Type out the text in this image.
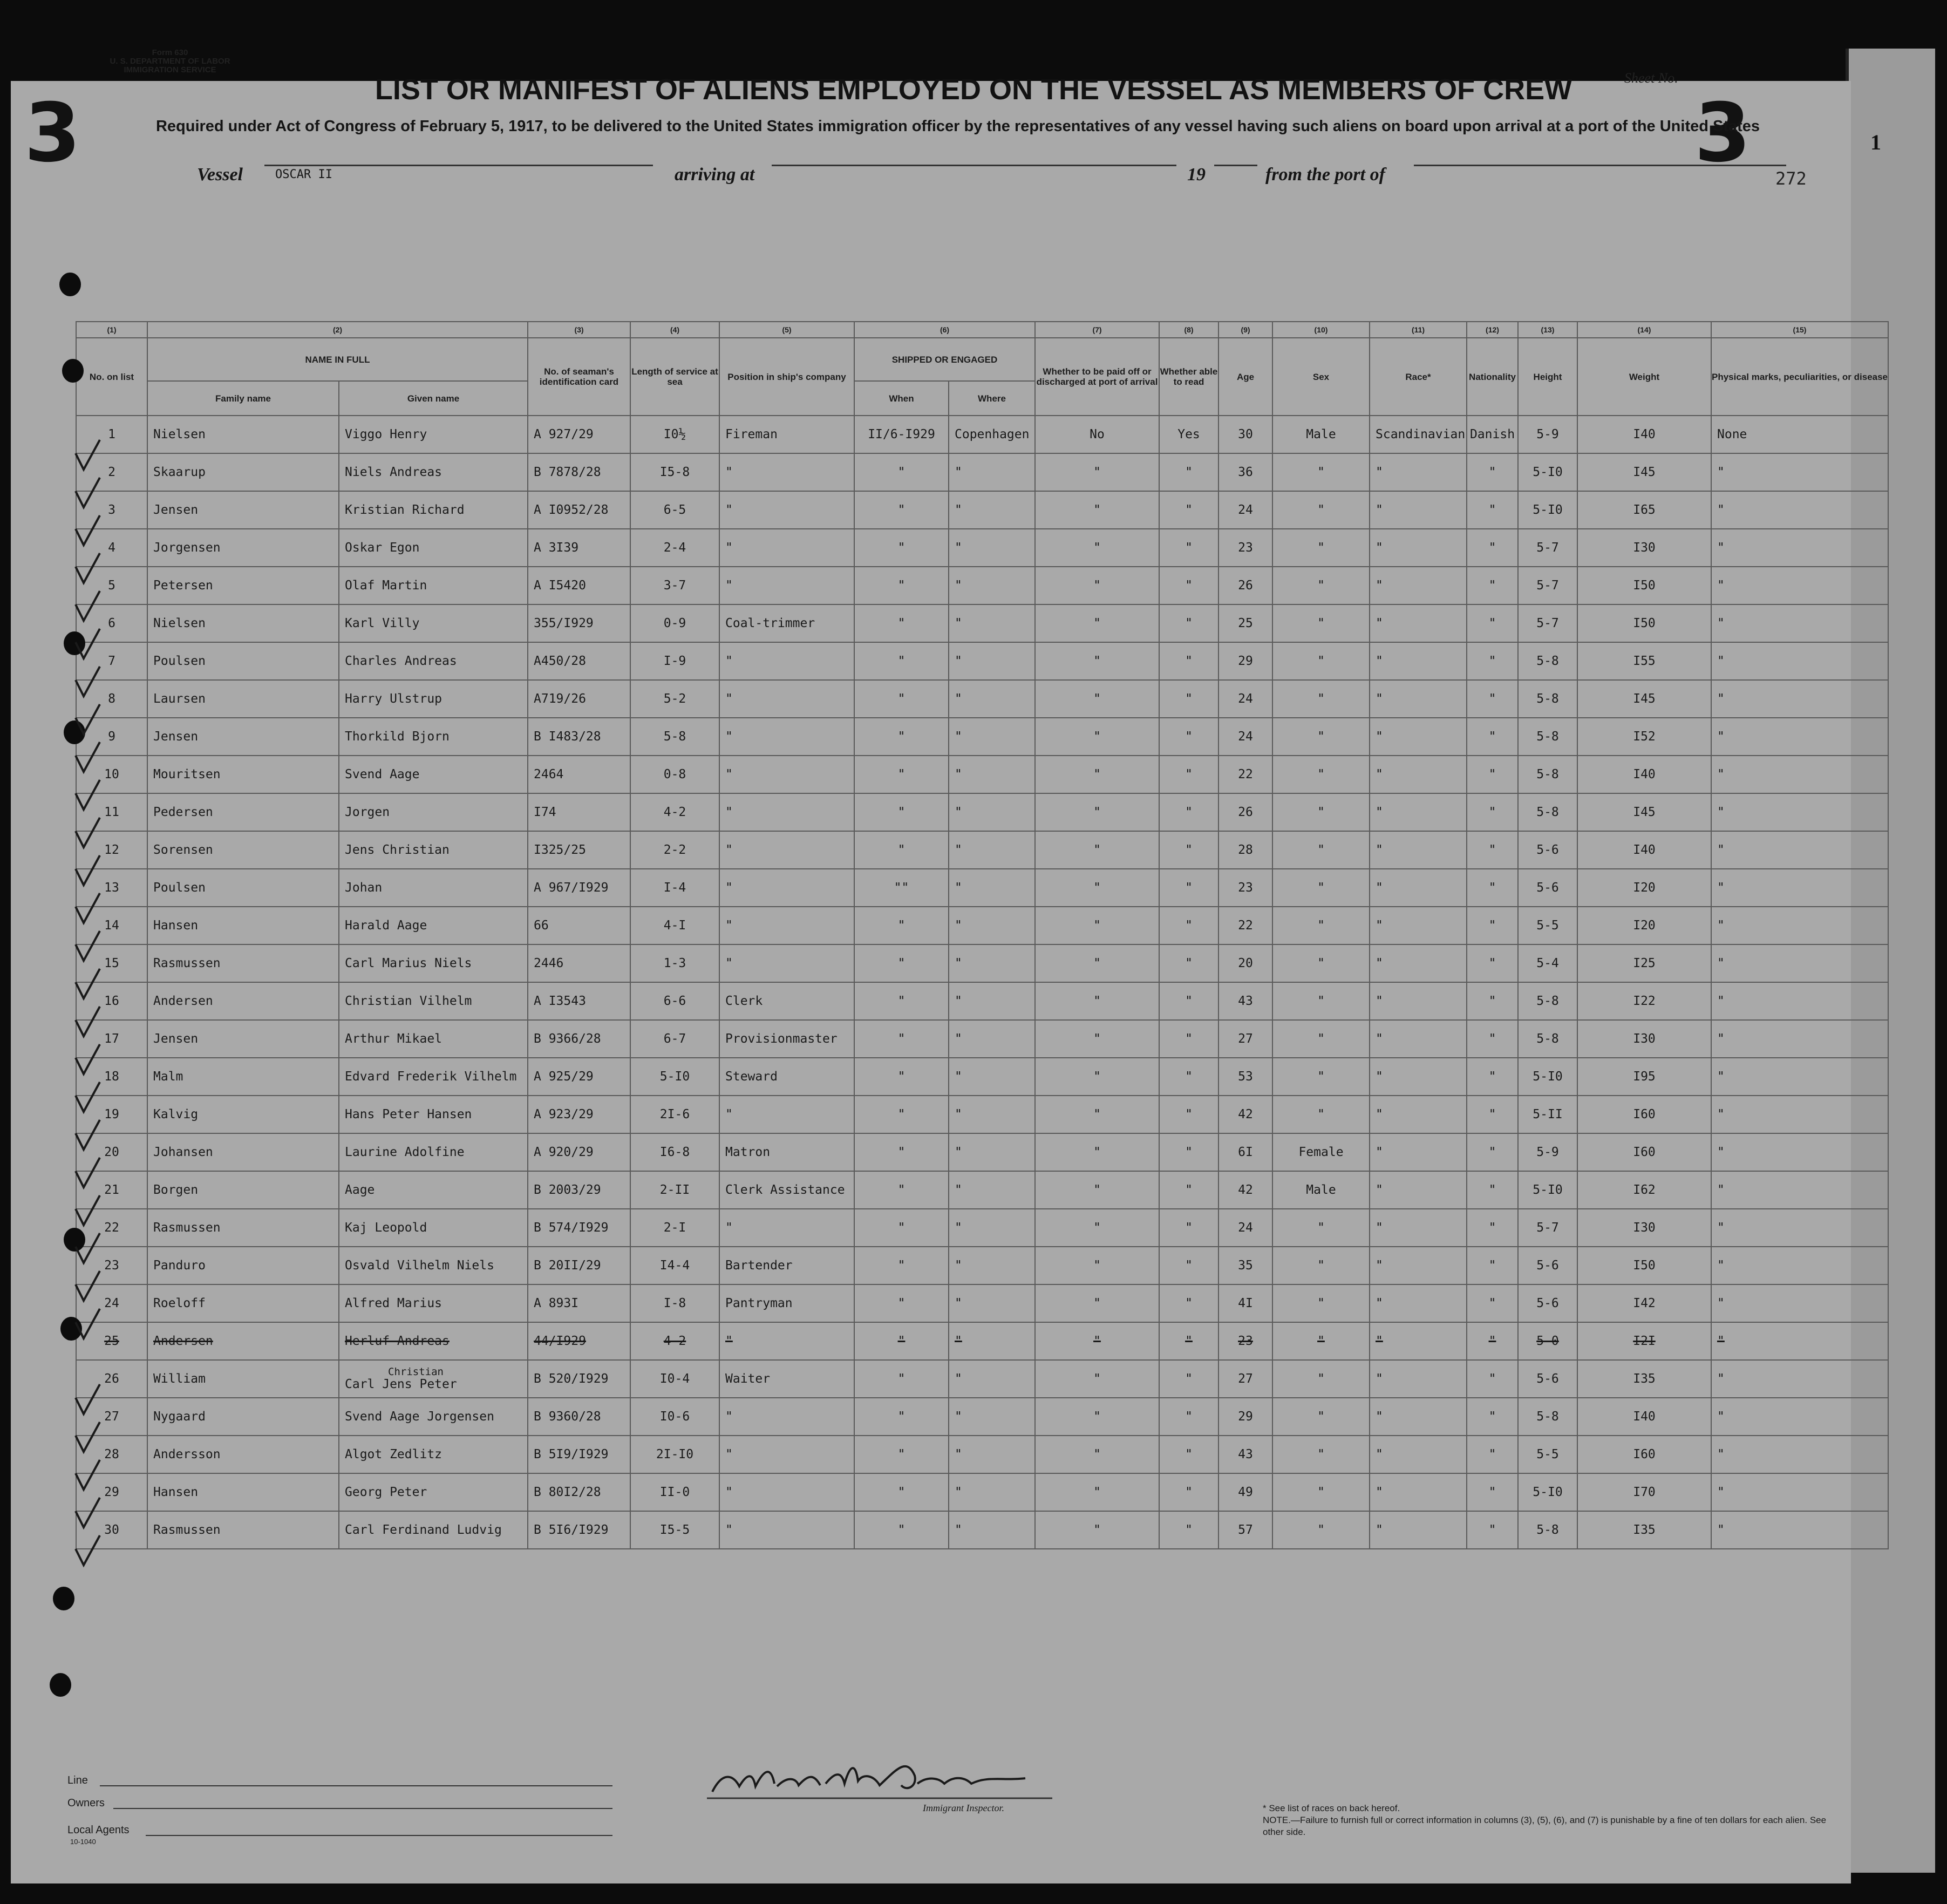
1
3	3
Form 630
U. S. DEPARTMENT OF LABOR
IMMIGRATION SERVICE
Sheet No.
LIST OR MANIFEST OF ALIENS EMPLOYED ON THE VESSEL AS MEMBERS OF CREW
Required under Act of Congress of February 5, 1917, to be delivered to the United States immigration officer by the representatives of any vessel having such aliens on board upon arrival at a port of the United States
Vessel	OSCAR II	arriving at	19	from the port of	272
(1)	(2)		(3)	(4)	(5)	(6)		(7)	(8)	(9)	(10)	(11)	(12)	(13)	(14)	(15)
No. on list	NAME IN FULL		No. of seaman's identification card	Length of service at sea	Position in ship's company	SHIPPED OR ENGAGED		Whether to be paid off or discharged at port of arrival	Whether able to read	Age	Sex	Race*	Nationality	Height	Weight	Physical marks, peculiarities, or disease
	Family name	Given name				When	Where									
1	Nielsen	Viggo Henry	A 927/29	I0½	Fireman	II/6-I929	Copenhagen	No	Yes	30	Male	Scandinavian	Danish	5-9	I40	None
2	Skaarup	Niels Andreas	B 7878/28	I5-8	"	"	"	"	"	36	"	"	"	5-I0	I45	"
3	Jensen	Kristian Richard	A I0952/28	6-5	"	"	"	"	"	24	"	"	"	5-I0	I65	"
4	Jorgensen	Oskar Egon	A 3I39	2-4	"	"	"	"	"	23	"	"	"	5-7	I30	"
5	Petersen	Olaf Martin	A I5420	3-7	"	"	"	"	"	26	"	"	"	5-7	I50	"
6	Nielsen	Karl Villy	355/I929	0-9	Coal-trimmer	"	"	"	"	25	"	"	"	5-7	I50	"
7	Poulsen	Charles Andreas	A450/28	I-9	"	"	"	"	"	29	"	"	"	5-8	I55	"
8	Laursen	Harry Ulstrup	A719/26	5-2	"	"	"	"	"	24	"	"	"	5-8	I45	"
9	Jensen	Thorkild Bjorn	B I483/28	5-8	"	"	"	"	"	24	"	"	"	5-8	I52	"
10	Mouritsen	Svend Aage	2464	0-8	"	"	"	"	"	22	"	"	"	5-8	I40	"
11	Pedersen	Jorgen	I74	4-2	"	"	"	"	"	26	"	"	"	5-8	I45	"
12	Sorensen	Jens Christian	I325/25	2-2	"	"	"	"	"	28	"	"	"	5-6	I40	"
13	Poulsen	Johan	A 967/I929	I-4	"	""	"	"	"	23	"	"	"	5-6	I20	"
14	Hansen	Harald Aage	66	4-I	"	"	"	"	"	22	"	"	"	5-5	I20	"
15	Rasmussen	Carl Marius Niels	2446	1-3	"	"	"	"	"	20	"	"	"	5-4	I25	"
16	Andersen	Christian Vilhelm	A I3543	6-6	Clerk	"	"	"	"	43	"	"	"	5-8	I22	"
17	Jensen	Arthur Mikael	B 9366/28	6-7	Provisionmaster	"	"	"	"	27	"	"	"	5-8	I30	"
18	Malm	Edvard Frederik Vilhelm	A 925/29	5-I0	Steward	"	"	"	"	53	"	"	"	5-I0	I95	"
19	Kalvig	Hans Peter Hansen	A 923/29	2I-6	"	"	"	"	"	42	"	"	"	5-II	I60	"
20	Johansen	Laurine Adolfine	A 920/29	I6-8	Matron	"	"	"	"	6I	Female	"	"	5-9	I60	"
21	Borgen	Aage	B 2003/29	2-II	Clerk Assistance	"	"	"	"	42	Male	"	"	5-I0	I62	"
22	Rasmussen	Kaj Leopold	B 574/I929	2-I	"	"	"	"	"	24	"	"	"	5-7	I30	"
23	Panduro	Osvald Vilhelm Niels	B 20II/29	I4-4	Bartender	"	"	"	"	35	"	"	"	5-6	I50	"
24	Roeloff	Alfred Marius	A 893I	I-8	Pantryman	"	"	"	"	4I	"	"	"	5-6	I42	"
25	Andersen	Herluf Andreas	44/I929	4-2	"	"	"	"	"	23	"	"	"	5-0	I2I	"
26	William	Christian
Carl Jens Peter	B 520/I929	I0-4	Waiter	"	"	"	"	27	"	"	"	5-6	I35	"
27	Nygaard	Svend Aage Jorgensen	B 9360/28	I0-6	"	"	"	"	"	29	"	"	"	5-8	I40	"
28	Andersson	Algot Zedlitz	B 5I9/I929	2I-I0	"	"	"	"	"	43	"	"	"	5-5	I60	"
29	Hansen	Georg Peter	B 80I2/28	II-0	"	"	"	"	"	49	"	"	"	5-I0	I70	"
30	Rasmussen	Carl Ferdinand Ludvig	B 5I6/I929	I5-5	"	"	"	"	"	57	"	"	"	5-8	I35	"
Line
Owners
Local Agents
10-1040
Immigrant Inspector.	* See list of races on back hereof.
NOTE.—Failure to furnish full or correct information in columns (3), (5), (6), and (7) is punishable by a fine of ten dollars for each alien. See other side.
